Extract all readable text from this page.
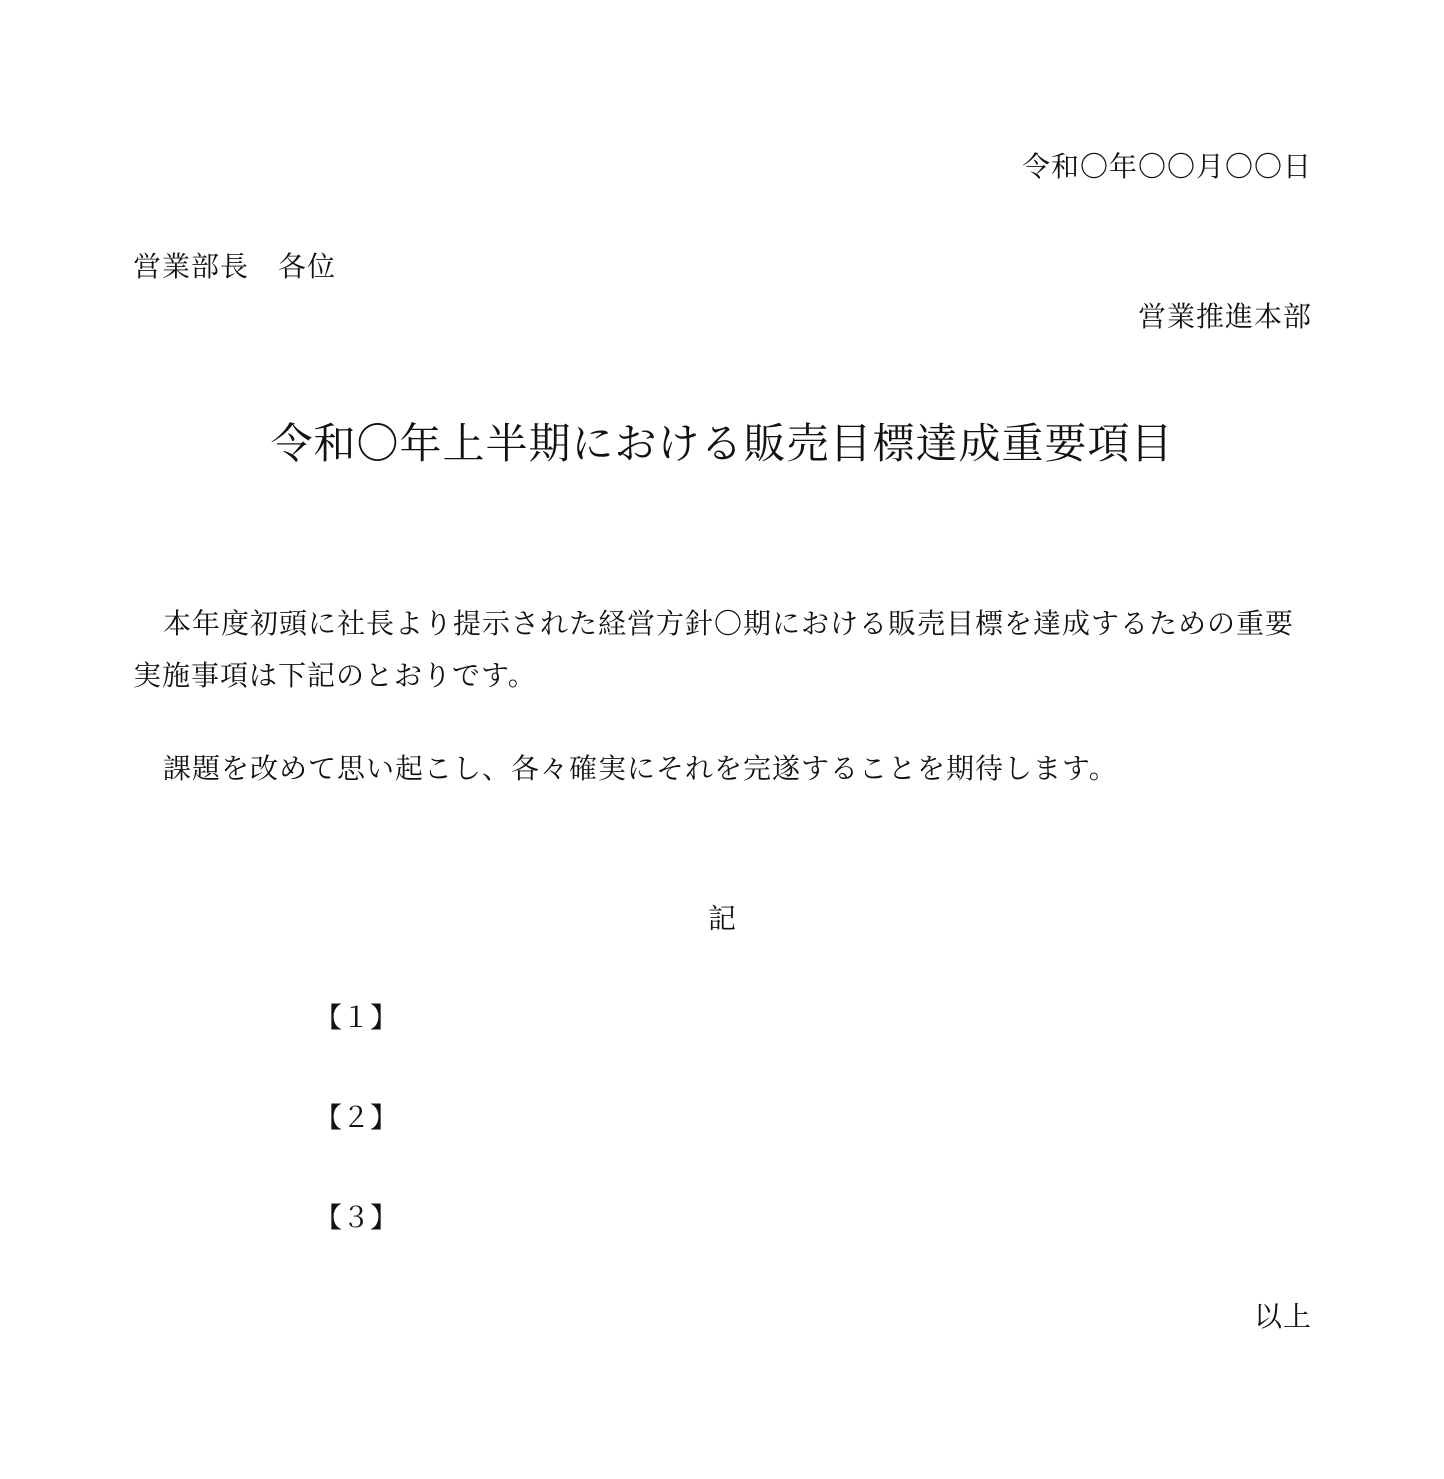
令和〇年〇〇月〇〇日
営業部長　各位
営業推進本部
令和〇年上半期における販売目標達成重要項目

本年度初頭に社長より提示された経営方針〇期における販売目標を達成するための重要実施事項は下記のとおりです。

課題を改めて思い起こし、各々確実にそれを完遂することを期待します。
記
【１】
【２】
【３】
以上
